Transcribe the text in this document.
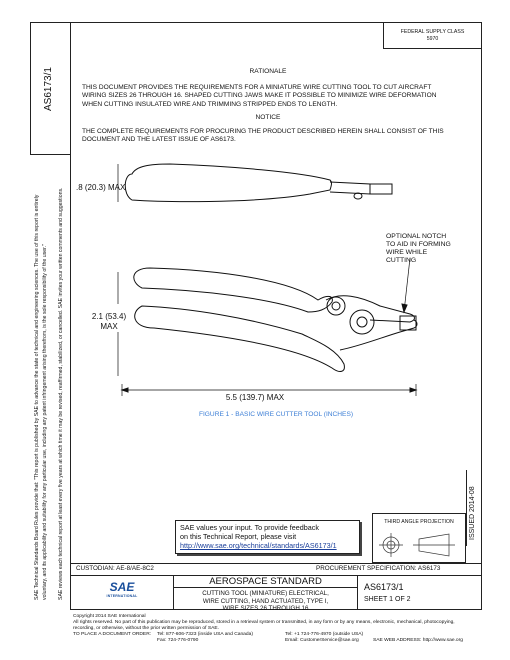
AS6173/1
SAE Technical Standards Board Rules provide that: "This report is published by SAE to advance the state of technical and engineering sciences. The use of this report is entirely voluntary, and its applicability and suitability for any particular use, including any patent infringement arising therefrom, is the sole responsibility of the user." SAE reviews each technical report at least every five years at which time it may be revised, reaffirmed, stabilized, or cancelled. SAE invites your written comments and suggestions.
FEDERAL SUPPLY CLASS
5970
RATIONALE
THIS DOCUMENT PROVIDES THE REQUIREMENTS FOR A MINIATURE WIRE CUTTING TOOL TO CUT AIRCRAFT WIRING SIZES 26 THROUGH 16. SHAPED CUTTING JAWS MAKE IT POSSIBLE TO MINIMIZE WIRE DEFORMATION WHEN CUTTING INSULATED WIRE AND TRIMMING STRIPPED ENDS TO LENGTH.
NOTICE
THE COMPLETE REQUIREMENTS FOR PROCURING THE PRODUCT DESCRIBED HEREIN SHALL CONSIST OF THIS DOCUMENT AND THE LATEST ISSUE OF AS6173.
.8 (20.3) MAX
2.1 (53.4)
MAX
5.5 (139.7) MAX
OPTIONAL NOTCH
TO AID IN FORMING
WIRE WHILE
CUTTING
FIGURE 1 - BASIC WIRE CUTTER TOOL (INCHES)
ISSUED 2014-08
SAE values your input. To provide feedback
on this Technical Report, please visit
http://www.sae.org/technical/standards/AS6173/1
THIRD ANGLE PROJECTION
CUSTODIAN: AE-8/AE-8C2	PROCUREMENT SPECIFICATION: AS6173
SAE
INTERNATIONAL
AEROSPACE STANDARD
CUTTING TOOL (MINIATURE) ELECTRICAL,
WIRE CUTTING, HAND ACTUATED, TYPE I,
WIRE SIZES 26 THROUGH 16
AS6173/1
SHEET 1 OF 2
Copyright 2014 SAE International
All rights reserved. No part of this publication may be reproduced, stored in a retrieval system or transmitted, in any form or by any means, electronic, mechanical, photocopying,
recording, or otherwise, without the prior written permission of SAE.
TO PLACE A DOCUMENT ORDER: Tel: 877-606-7323 (inside USA and Canada)
Fax: 724-776-0790
Tel: +1 724-776-4970 (outside USA)
Email: CustomerService@sae.org	SAE WEB ADDRESS: http://www.sae.org
